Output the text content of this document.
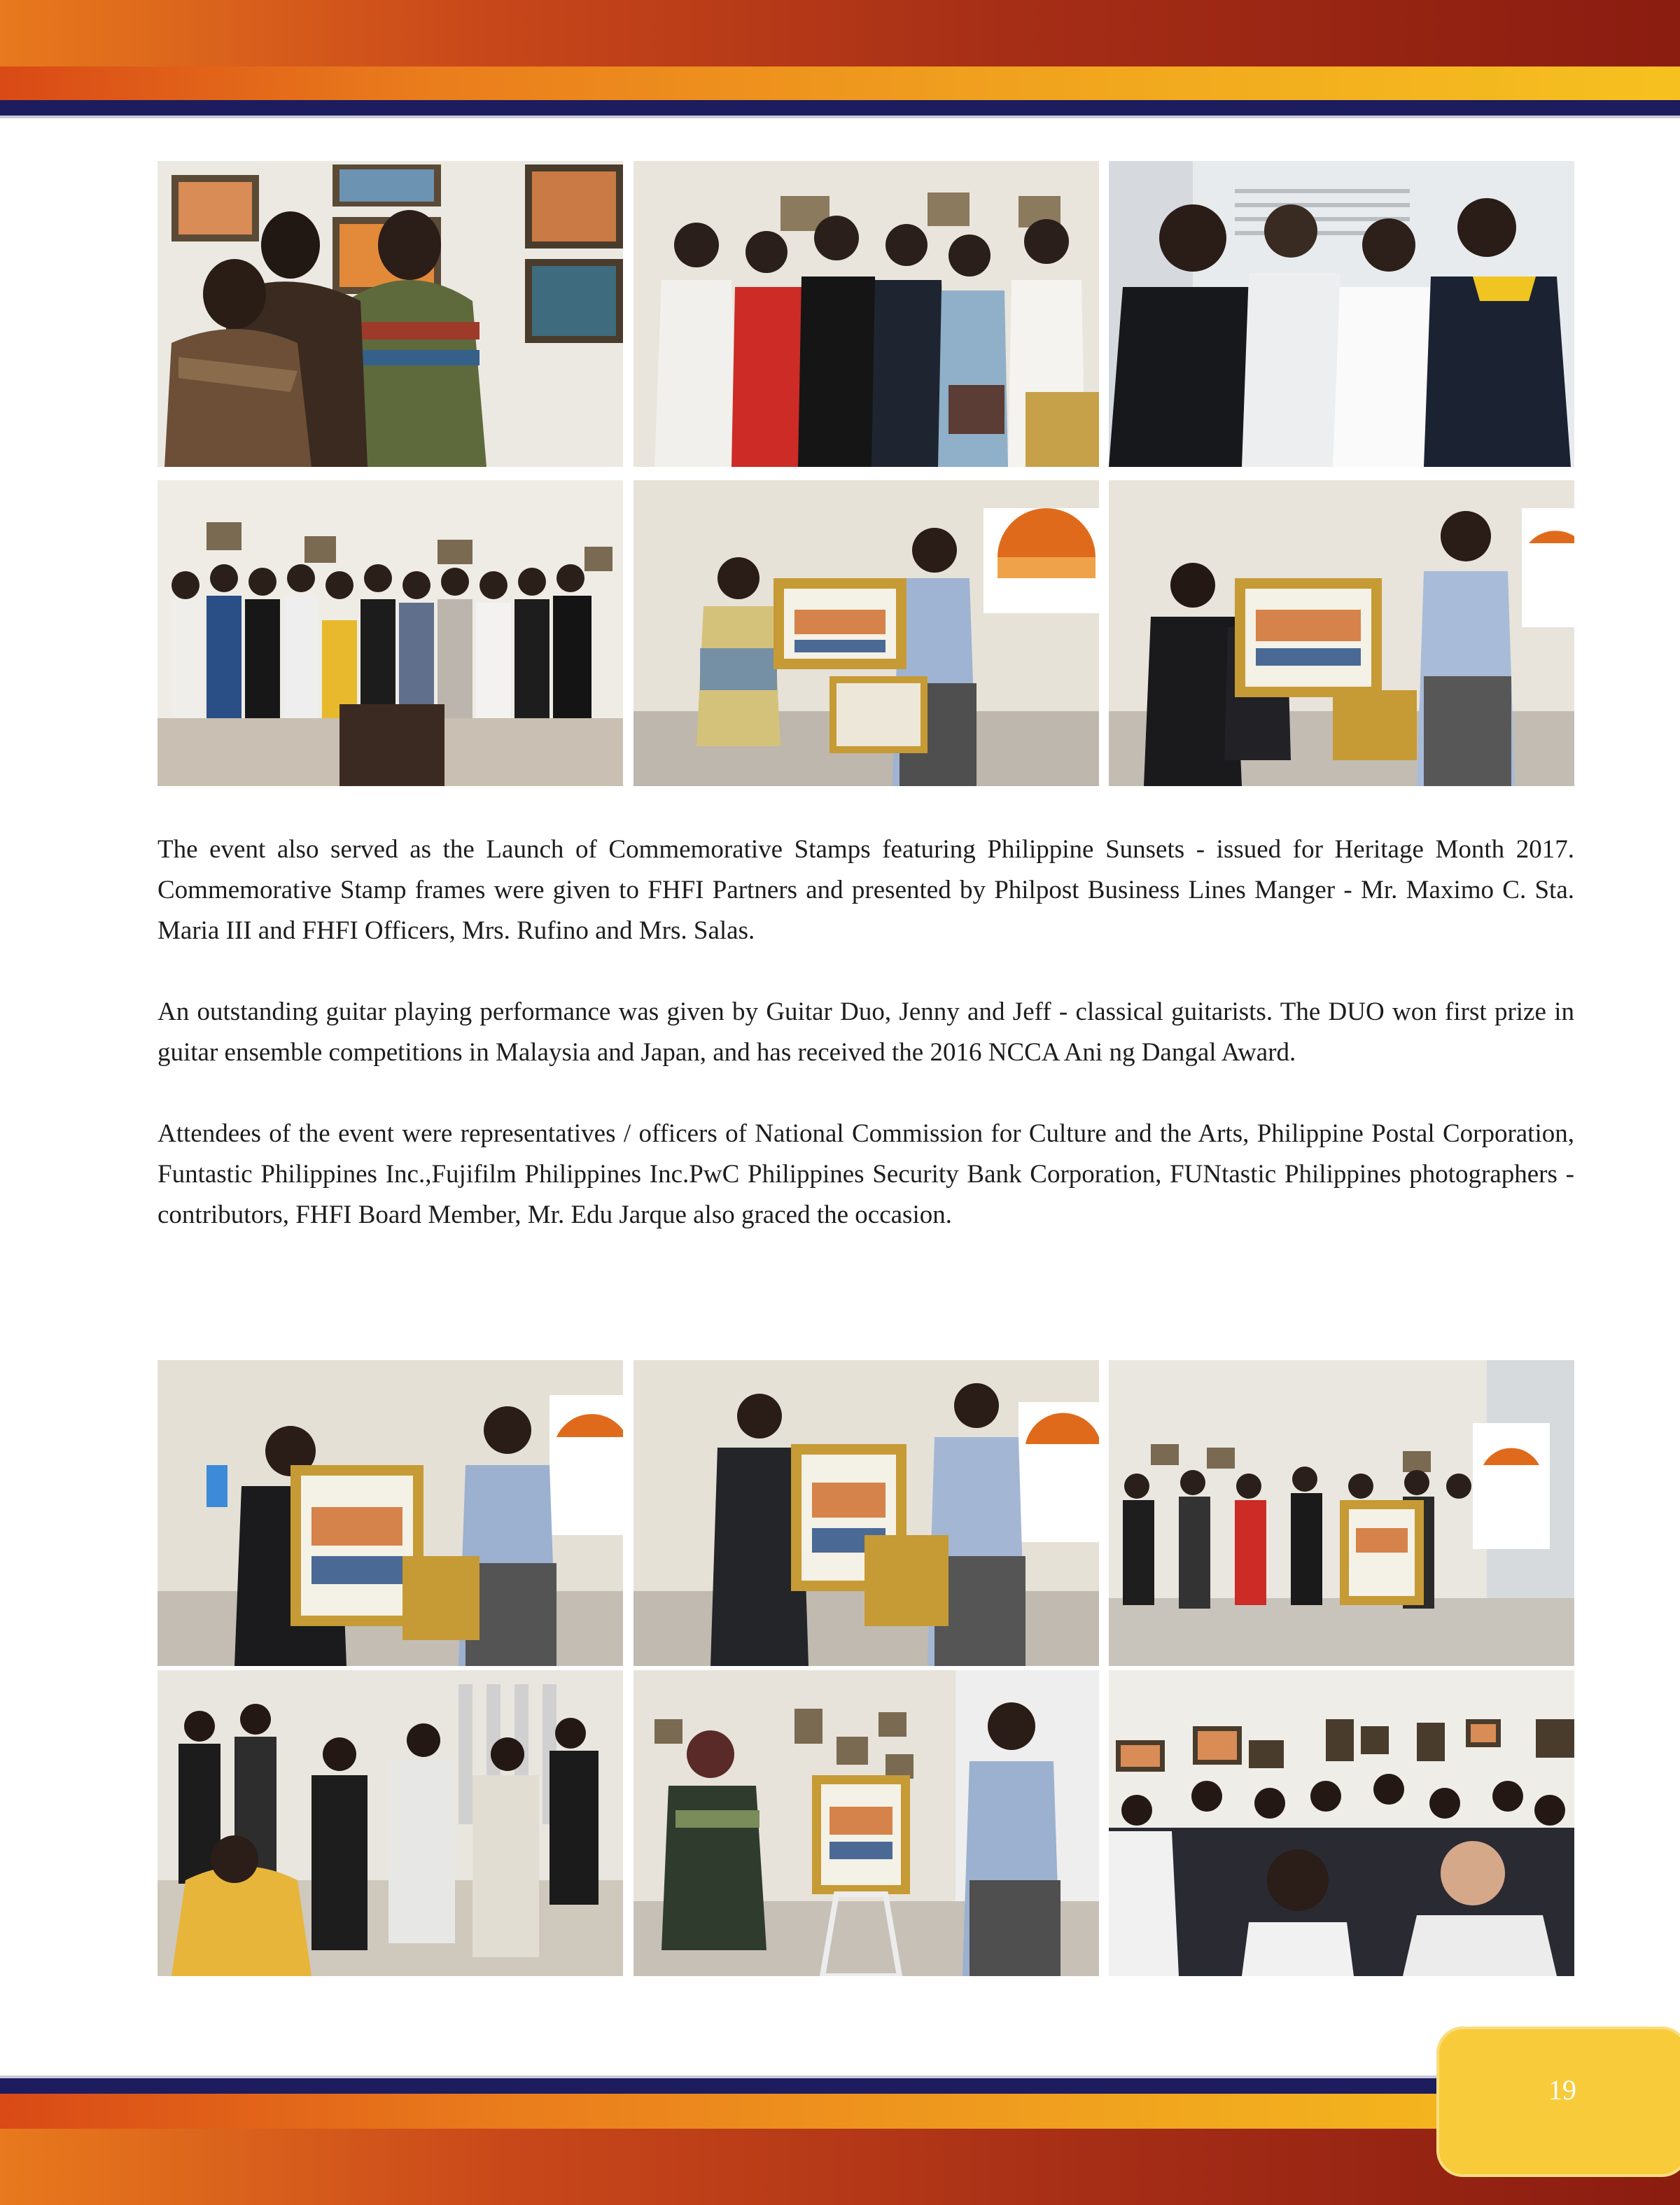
The event also served as the Launch of Commemorative Stamps featuring Philippine Sunsets - issued for Heritage Month 2017. Commemorative Stamp frames were given to FHFI Partners and presented by Philpost Business Lines Manger - Mr. Maximo C. Sta. Maria III and FHFI Officers, Mrs. Rufino and Mrs. Salas.

An outstanding guitar playing performance was given by Guitar Duo, Jenny and Jeff - classical guitarists. The DUO won first prize in guitar ensemble competitions in Malaysia and Japan, and has received the 2016 NCCA Ani ng Dangal Award.

Attendees of the event were representatives / officers of National Commission for Culture and the Arts, Philippine Postal Corporation, Funtastic Philippines Inc.,Fujifilm Philippines Inc.PwC Philippines Security Bank Corporation, FUNtastic Philippines photographers - contributors, FHFI Board Member, Mr. Edu Jarque also graced the occasion.

19
